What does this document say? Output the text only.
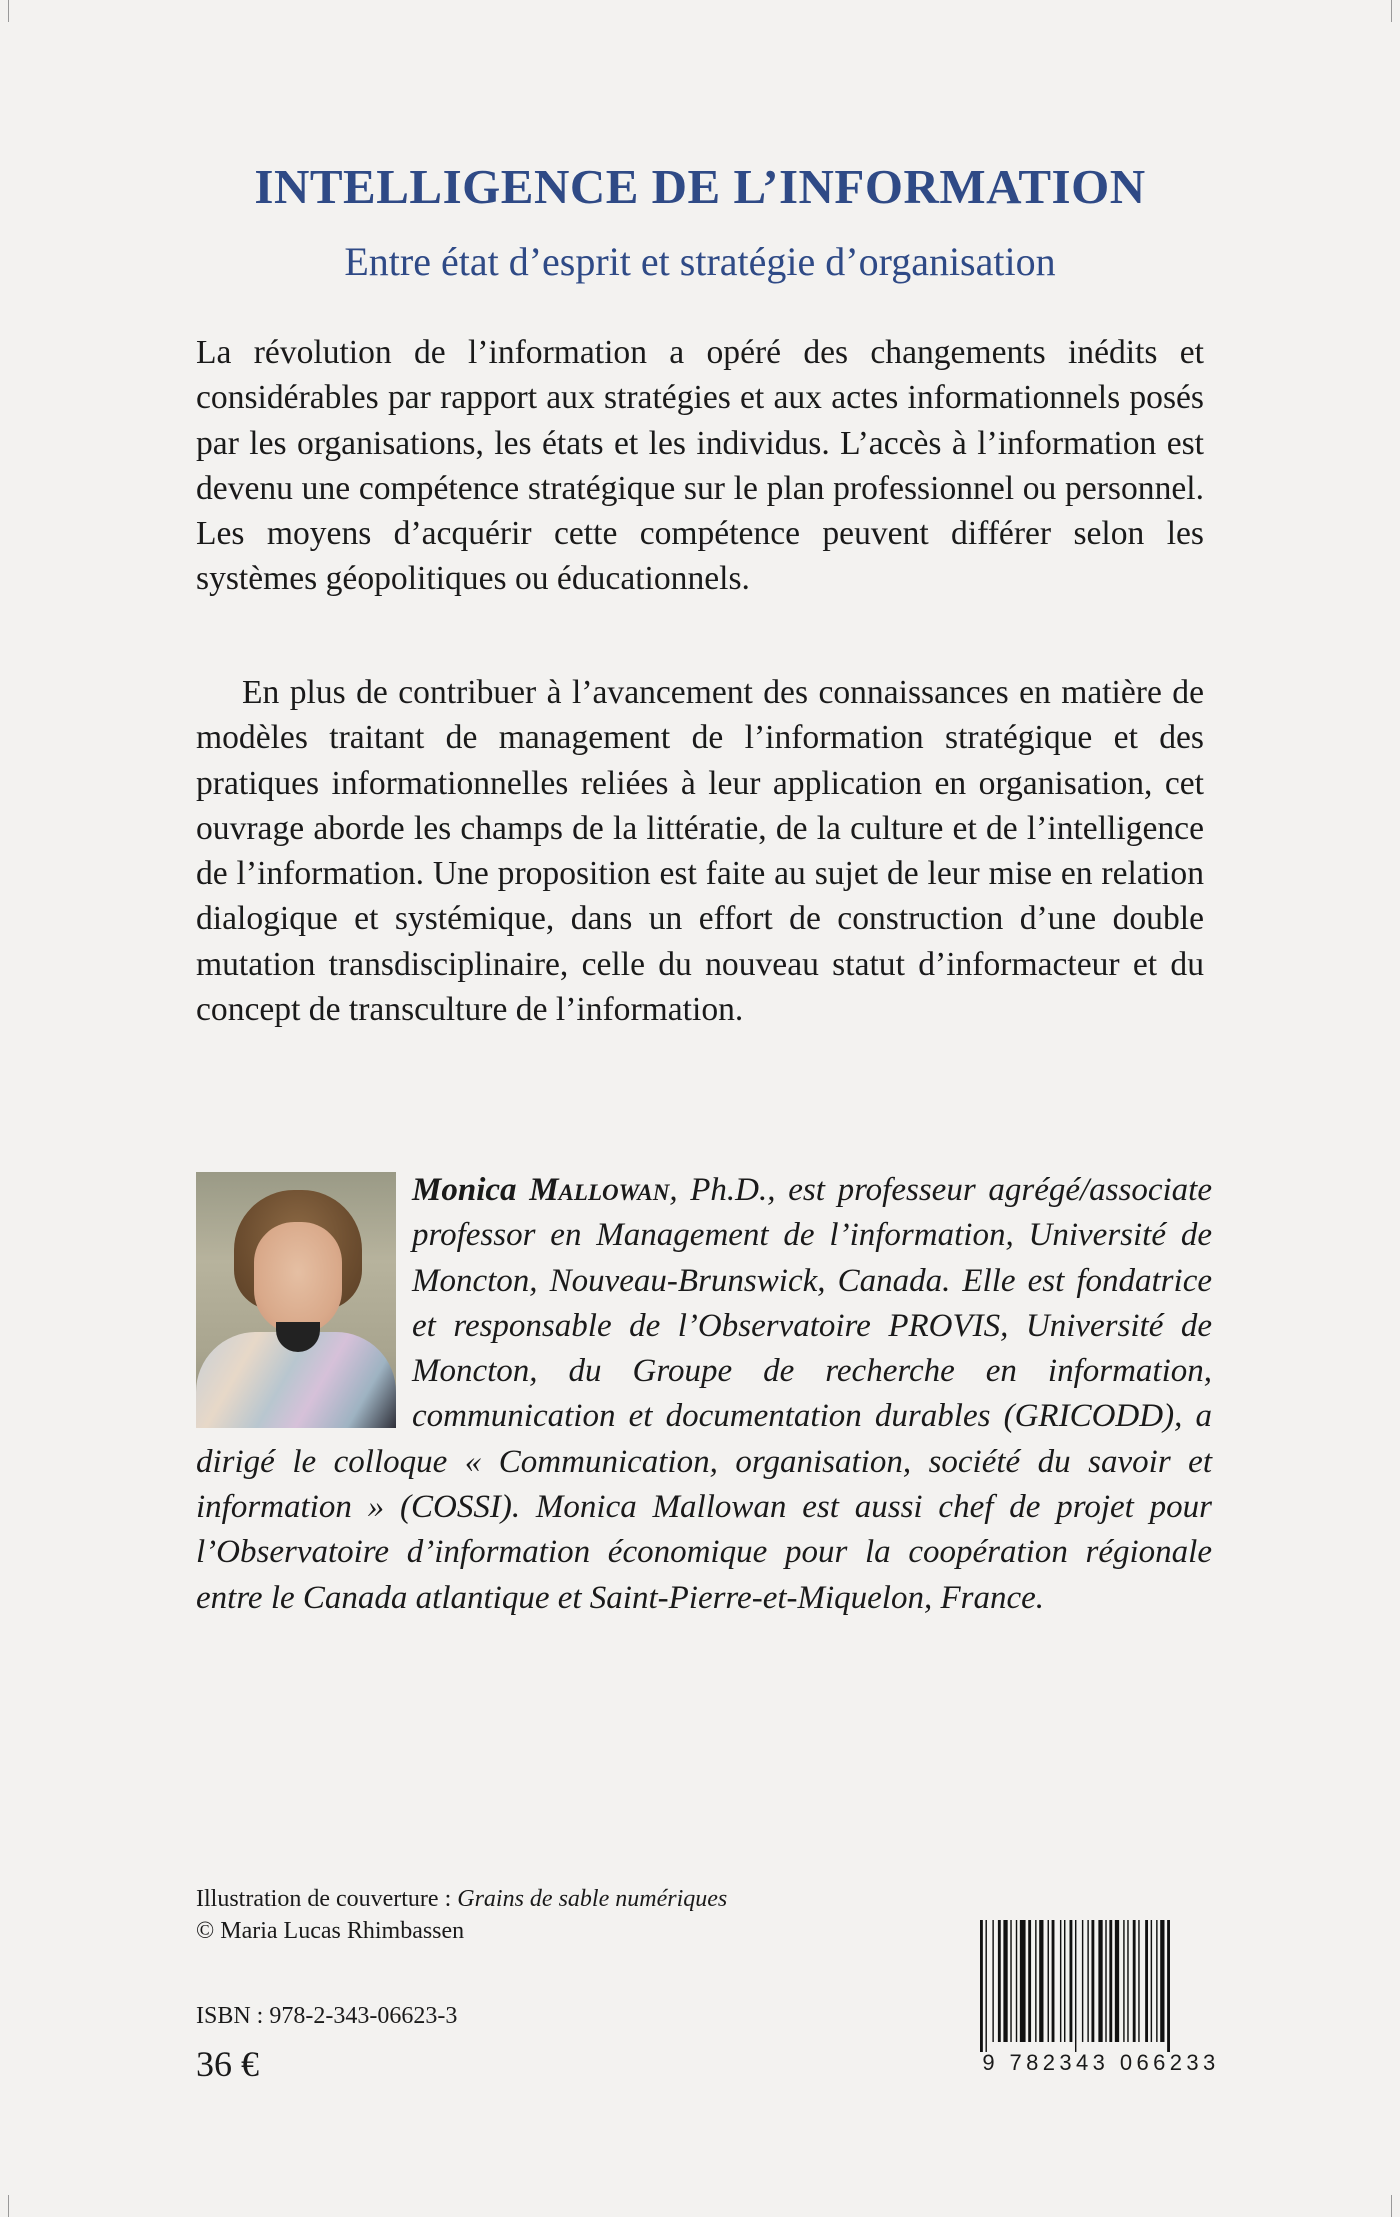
INTELLIGENCE DE L’INFORMATION
Entre état d’esprit et stratégie d’organisation

La révolution de l’information a opéré des changements inédits et considérables par rapport aux stratégies et aux actes informationnels posés par les organisations, les états et les individus. L’accès à l’information est devenu une compétence stratégique sur le plan professionnel ou personnel. Les moyens d’acquérir cette compétence peuvent différer selon les systèmes géopolitiques ou éducationnels.

En plus de contribuer à l’avancement des connaissances en matière de modèles traitant de management de l’information stratégique et des pratiques informationnelles reliées à leur application en organisation, cet ouvrage aborde les champs de la littératie, de la culture et de l’intelligence de l’information. Une proposition est faite au sujet de leur mise en relation dialogique et systémique, dans un effort de construction d’une double mutation transdisciplinaire, celle du nouveau statut d’informacteur et du concept de transculture de l’information.

Monica Mallowan, Ph.D., est professeur agrégé/associate professor en Management de l’information, Université de Moncton, Nouveau-Brunswick, Canada. Elle est fondatrice et responsable de l’Observatoire PROVIS, Université de Moncton, du Groupe de recherche en information, communication et documentation durables (GRICODD), a dirigé le colloque « Communication, organisation, société du savoir et information » (COSSI). Monica Mallowan est aussi chef de projet pour l’Observatoire d’information économique pour la coopération régionale entre le Canada atlantique et Saint-Pierre-et-Miquelon, France.
Illustration de couverture : Grains de sable numériques
© Maria Lucas Rhimbassen
ISBN : 978-2-343-06623-3
36 €	9 782343 066233
